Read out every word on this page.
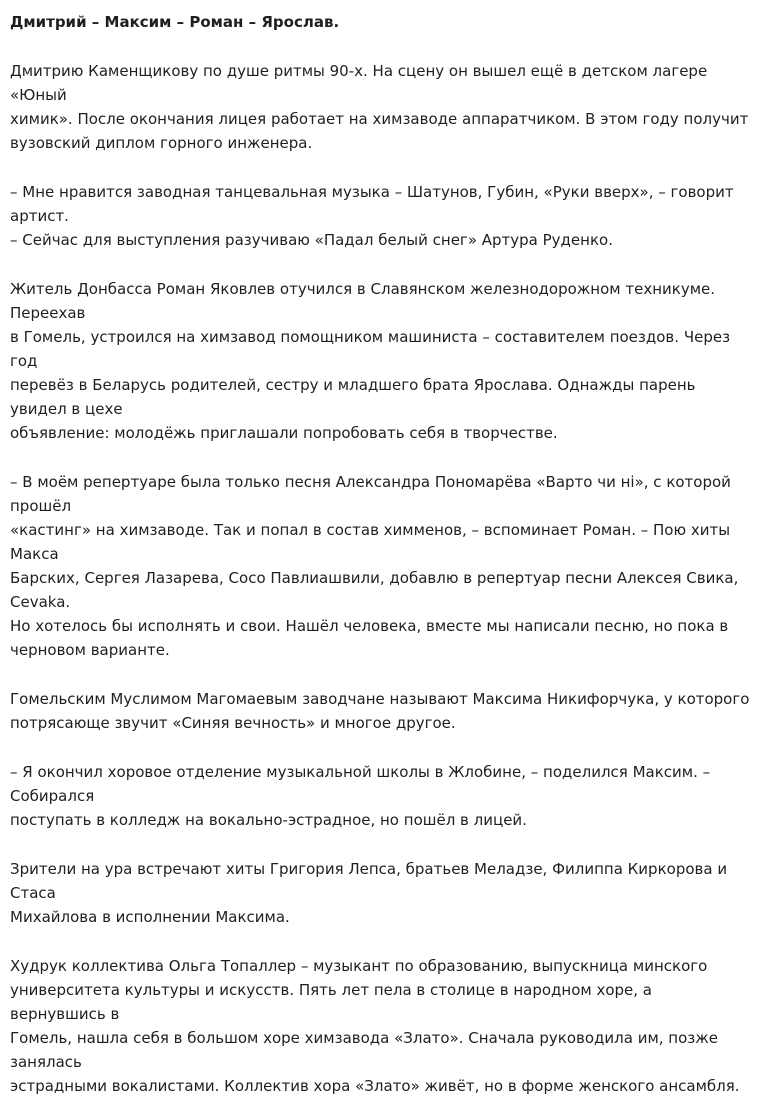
Дмитрий – Максим – Роман – Ярослав.

Дмитрию Каменщикову по душе ритмы 90-х. На сцену он вышел ещё в детском лагере «Юный
химик». После окончания лицея работает на химзаводе аппаратчиком. В этом году получит
вузовский диплом горного инженера.

– Мне нравится заводная танцевальная музыка – Шатунов, Губин, «Руки вверх», – говорит артист.
– Сейчас для выступления разучиваю «Падал белый снег» Артура Руденко.

Житель Донбасса Роман Яковлев отучился в Славянском железнодорожном техникуме. Переехав
в Гомель, устроился на химзавод помощником машиниста – составителем поездов. Через год
перевёз в Беларусь родителей, сестру и младшего брата Ярослава. Однажды парень увидел в цехе
объявление: молодёжь приглашали попробовать себя в творчестве.

– В моём репертуаре была только песня Александра Пономарёва «Варто чи ні», с которой прошёл
«кастинг» на химзаводе. Так и попал в состав химменов, – вспоминает Роман. – Пою хиты Макса
Барских, Сергея Лазарева, Сосо Павлиашвили, добавлю в репертуар песни Алексея Свика, Cevaka.
Но хотелось бы исполнять и свои. Нашёл человека, вместе мы написали песню, но пока в
черновом варианте.

Гомельским Муслимом Магомаевым заводчане называют Максима Никифорчука, у которого
потрясающе звучит «Синяя вечность» и многое другое.

– Я окончил хоровое отделение музыкальной школы в Жлобине, – поделился Максим. – Собирался
поступать в колледж на вокально-эстрадное, но пошёл в лицей.

Зрители на ура встречают хиты Григория Лепса, братьев Меладзе, Филиппа Киркорова и Стаса
Михайлова в исполнении Максима.

Худрук коллектива Ольга Топаллер – музыкант по образованию, выпускница минского
университета культуры и искусств. Пять лет пела в столице в народном хоре, а вернувшись в
Гомель, нашла себя в большом хоре химзавода «Злато». Сначала руководила им, позже занялась
эстрадными вокалистами. Коллектив хора «Злато» живёт, но в форме женского ансамбля.
